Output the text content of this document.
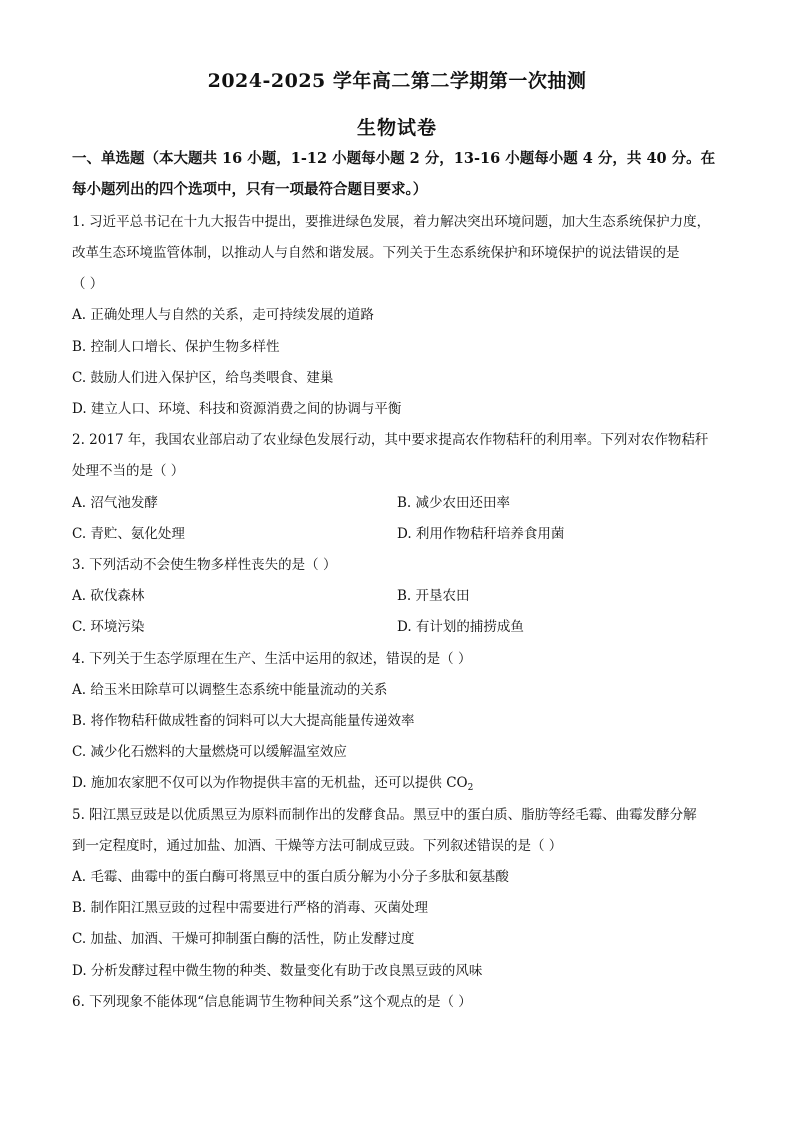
2024-2025 学年高二第二学期第一次抽测
生物试卷
一、单选题（本大题共 16 小题，1-12 小题每小题 2 分，13-16 小题每小题 4 分，共 40 分。在
每小题列出的四个选项中，只有一项最符合题目要求。）
1. 习近平总书记在十九大报告中提出，要推进绿色发展，着力解决突出环境问题，加大生态系统保护力度，
改革生态环境监管体制，以推动人与自然和谐发展。下列关于生态系统保护和环境保护的说法错误的是
（ ）
A. 正确处理人与自然的关系，走可持续发展的道路
B. 控制人口增长、保护生物多样性
C. 鼓励人们进入保护区，给鸟类喂食、建巢
D. 建立人口、环境、科技和资源消费之间的协调与平衡
2. 2017 年，我国农业部启动了农业绿色发展行动，其中要求提高农作物秸秆的利用率。下列对农作物秸秆
处理不当的是（ ）
A. 沼气池发酵	B. 减少农田还田率
C. 青贮、氨化处理	D. 利用作物秸秆培养食用菌
3. 下列活动不会使生物多样性丧失的是（ ）
A. 砍伐森林	B. 开垦农田
C. 环境污染	D. 有计划的捕捞成鱼
4. 下列关于生态学原理在生产、生活中运用的叙述，错误的是（ ）
A. 给玉米田除草可以调整生态系统中能量流动的关系
B. 将作物秸秆做成牲畜的饲料可以大大提高能量传递效率
C. 减少化石燃料的大量燃烧可以缓解温室效应
D. 施加农家肥不仅可以为作物提供丰富的无机盐，还可以提供 $CO_2$
5. 阳江黑豆豉是以优质黑豆为原料而制作出的发酵食品。黑豆中的蛋白质、脂肪等经毛霉、曲霉发酵分解
到一定程度时，通过加盐、加酒、干燥等方法可制成豆豉。下列叙述错误的是（ ）
A. 毛霉、曲霉中的蛋白酶可将黑豆中的蛋白质分解为小分子多肽和氨基酸
B. 制作阳江黑豆豉的过程中需要进行严格的消毒、灭菌处理
C. 加盐、加酒、干燥可抑制蛋白酶的活性，防止发酵过度
D. 分析发酵过程中微生物的种类、数量变化有助于改良黑豆豉的风味
6. 下列现象不能体现“信息能调节生物种间关系”这个观点的是（ ）
